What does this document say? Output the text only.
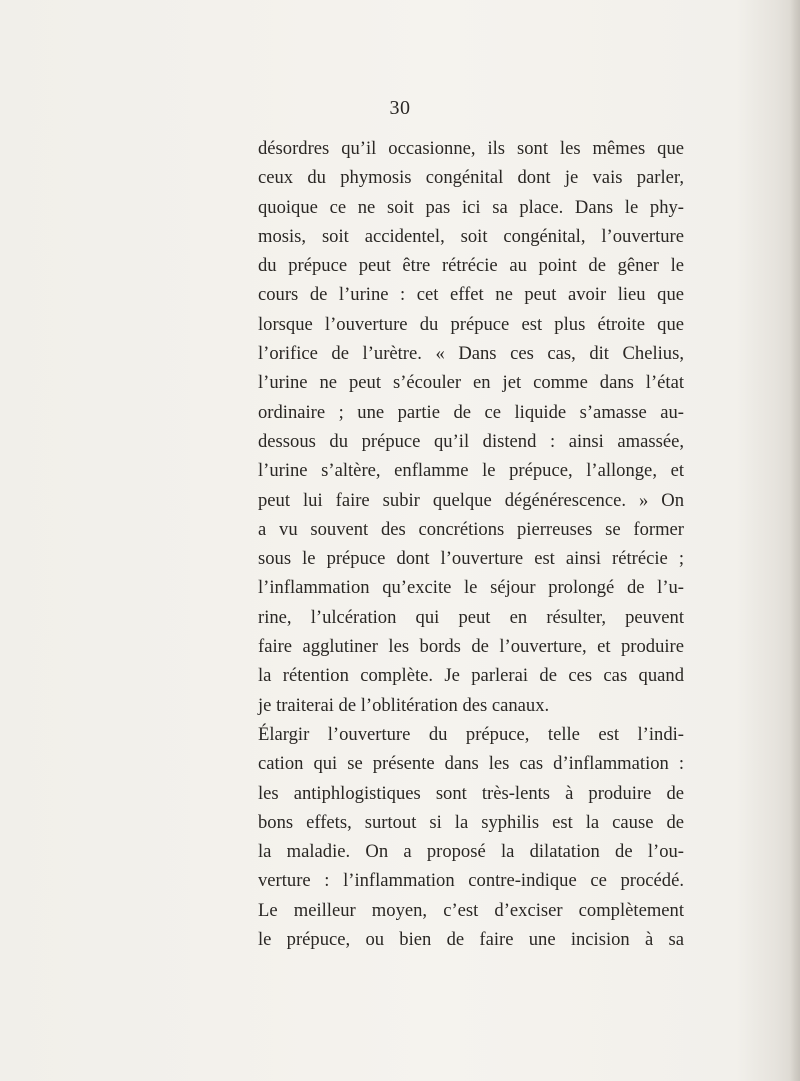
30
désordres qu’il occasionne, ils sont les mêmes que
ceux du phymosis congénital dont je vais parler,
quoique ce ne soit pas ici sa place. Dans le phy-
mosis, soit accidentel, soit congénital, l’ouverture
du prépuce peut être rétrécie au point de gêner le
cours de l’urine : cet effet ne peut avoir lieu que
lorsque l’ouverture du prépuce est plus étroite que
l’orifice de l’urètre. « Dans ces cas, dit Chelius,
l’urine ne peut s’écouler en jet comme dans l’état
ordinaire ; une partie de ce liquide s’amasse au-
dessous du prépuce qu’il distend : ainsi amassée,
l’urine s’altère, enflamme le prépuce, l’allonge, et
peut lui faire subir quelque dégénérescence. » On
a vu souvent des concrétions pierreuses se former
sous le prépuce dont l’ouverture est ainsi rétrécie ;
l’inflammation qu’excite le séjour prolongé de l’u-
rine, l’ulcération qui peut en résulter, peuvent
faire agglutiner les bords de l’ouverture, et produire
la rétention complète. Je parlerai de ces cas quand
je traiterai de l’oblitération des canaux.
Élargir l’ouverture du prépuce, telle est l’indi-
cation qui se présente dans les cas d’inflammation :
les antiphlogistiques sont très-lents à produire de
bons effets, surtout si la syphilis est la cause de
la maladie. On a proposé la dilatation de l’ou-
verture : l’inflammation contre-indique ce procédé.
Le meilleur moyen, c’est d’exciser complètement
le prépuce, ou bien de faire une incision à sa
